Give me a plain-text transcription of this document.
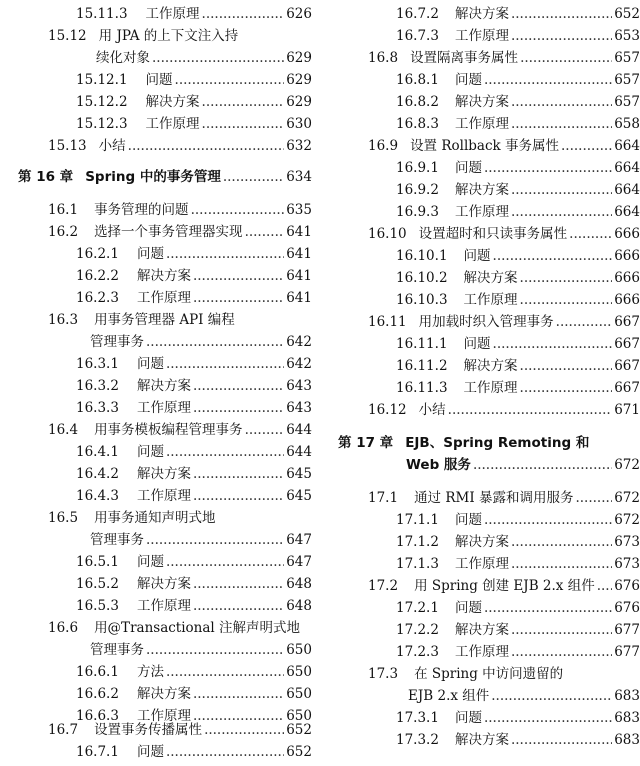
15.11.3 工作原理 .....	626
15.12 用 JPA 的上下文注入持
续化对象 .....	629
15.12.1 问题 .....	629
15.12.2 解决方案 .....	629
15.12.3 工作原理 .....	630
15.13 小结 .....	632
第 16 章 Spring 中的事务管理 .....	634
16.1 事务管理的问题 .....	635
16.2 选择一个事务管理器实现 .....	641
16.2.1 问题 .....	641
16.2.2 解决方案 .....	641
16.2.3 工作原理 .....	641
16.3 用事务管理器 API 编程
管理事务 .....	642
16.3.1 问题 .....	642
16.3.2 解决方案 .....	643
16.3.3 工作原理 .....	643
16.4 用事务模板编程管理事务 .....	644
16.4.1 问题 .....	644
16.4.2 解决方案 .....	645
16.4.3 工作原理 .....	645
16.5 用事务通知声明式地
管理事务 .....	647
16.5.1 问题 .....	647
16.5.2 解决方案 .....	648
16.5.3 工作原理 .....	648
16.6 用@Transactional 注解声明式地
管理事务 .....	650
16.6.1 方法 .....	650
16.6.2 解决方案 .....	650
16.6.3 工作原理 .....	650
16.7 设置事务传播属性 .....	652
16.7.1 问题 .....	652
16.7.2 解决方案 .....	652
16.7.3 工作原理 .....	653
16.8 设置隔离事务属性 .....	657
16.8.1 问题 .....	657
16.8.2 解决方案 .....	657
16.8.3 工作原理 .....	658
16.9 设置 Rollback 事务属性 .....	664
16.9.1 问题 .....	664
16.9.2 解决方案 .....	664
16.9.3 工作原理 .....	664
16.10 设置超时和只读事务属性 .....	666
16.10.1 问题 .....	666
16.10.2 解决方案 .....	666
16.10.3 工作原理 .....	666
16.11 用加载时织入管理事务 .....	667
16.11.1 问题 .....	667
16.11.2 解决方案 .....	667
16.11.3 工作原理 .....	667
16.12 小结 .....	671
第 17 章 EJB、Spring Remoting 和
Web 服务 .....	672
17.1 通过 RMI 暴露和调用服务 .....	672
17.1.1 问题 .....	672
17.1.2 解决方案 .....	673
17.1.3 工作原理 .....	673
17.2 用 Spring 创建 EJB 2.x 组件 ..... 676
17.2.1 问题 .....	676
17.2.2 解决方案 .....	677
17.2.3 工作原理 .....	677
17.3 在 Spring 中访问遗留的
EJB 2.x 组件 .....	683
17.3.1 问题 .....	683
17.3.2 解决方案 .....	683
